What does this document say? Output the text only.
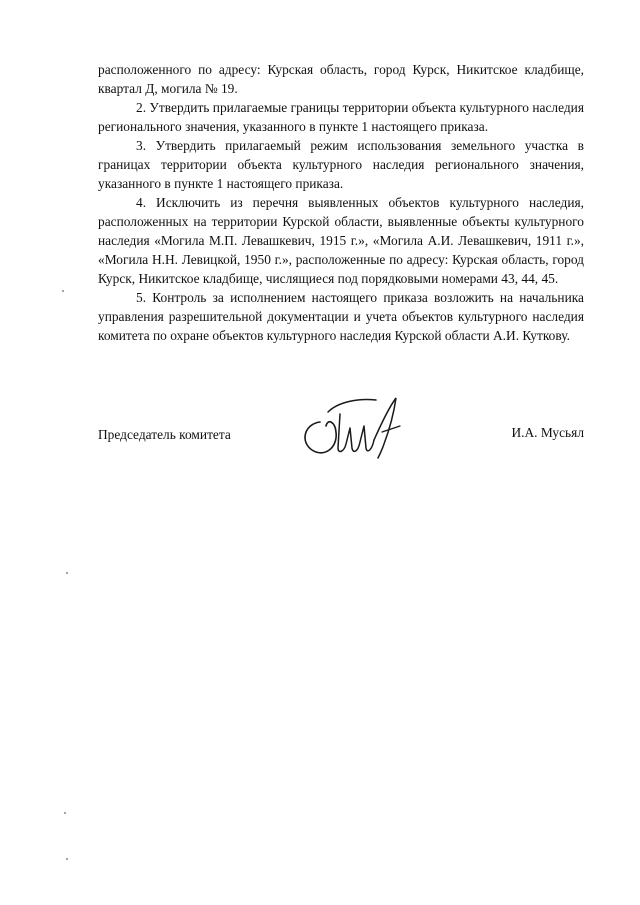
расположенного по адресу: Курская область, город Курск, Никитское кладбище, квартал Д, могила № 19.

2. Утвердить прилагаемые границы территории объекта культурного наследия регионального значения, указанного в пункте 1 настоящего приказа.

3. Утвердить прилагаемый режим использования земельного участка в границах территории объекта культурного наследия регионального значения, указанного в пункте 1 настоящего приказа.

4. Исключить из перечня выявленных объектов культурного наследия, расположенных на территории Курской области, выявленные объекты культурного наследия «Могила М.П. Левашкевич, 1915 г.», «Могила А.И. Левашкевич, 1911 г.», «Могила Н.Н. Левицкой, 1950 г.», расположенные по адресу: Курская область, город Курск, Никитское кладбище, числящиеся под порядковыми номерами 43, 44, 45.

5. Контроль за исполнением настоящего приказа возложить на начальника управления разрешительной документации и учета объектов культурного наследия комитета по охране объектов культурного наследия Курской области А.И. Куткову.

Председатель комитета	И.А. Мусьял
